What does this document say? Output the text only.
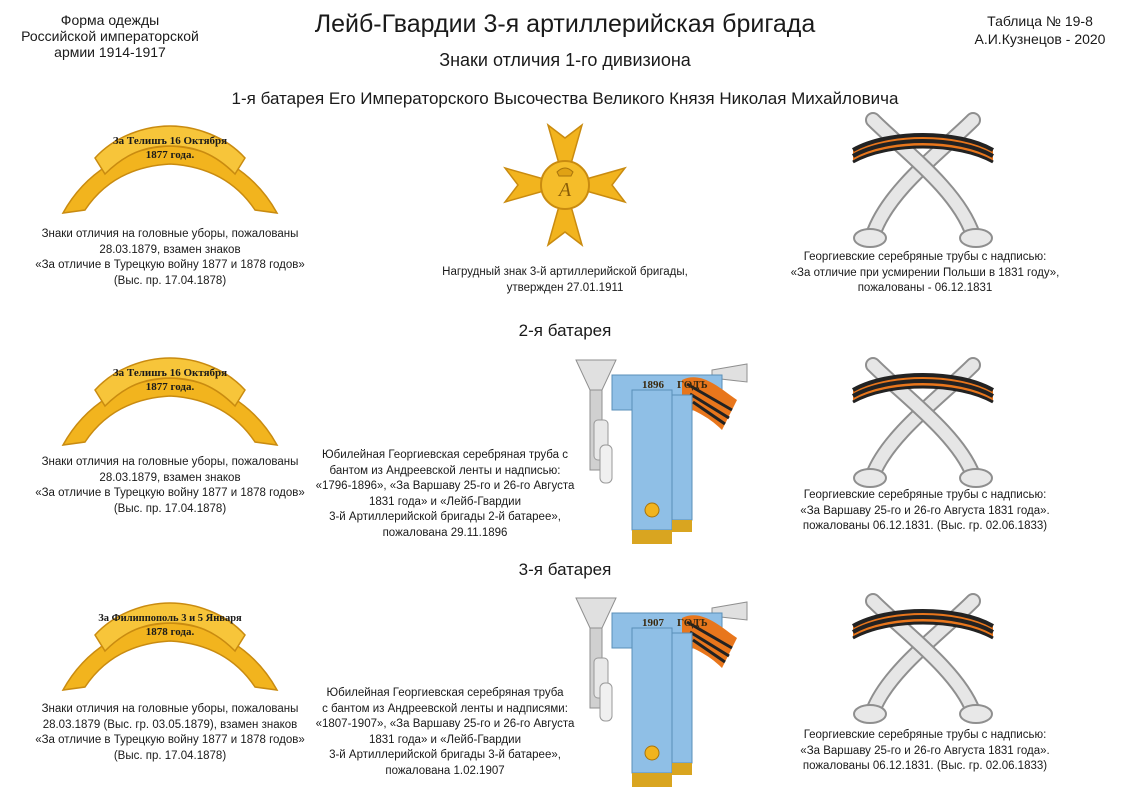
Форма одежды
Российской императорской
армии 1914-1917
Лейб-Гвардии 3-я артиллерийская бригада
Знаки отличия 1-го дивизиона
Таблица № 19-8
А.И.Кузнецов - 2020
1-я батарея Его Императорского Высочества Великого Князя Николая Михайловича
2-я батарея
3-я батарея
За Телишъ 16 Октября
1877 года.
Знаки отличия на головные уборы, пожалованы
28.03.1879, взамен знаков
«За отличие в Турецкую войну 1877 и 1878 годов»
(Выс. пр. 17.04.1878)
A
Нагрудный знак 3-й артиллерийской бригады,
утвержден 27.01.1911
Георгиевские серебряные трубы с надписью:
«За отличие при усмирении Польши в 1831 году»,
пожалованы - 06.12.1831
За Телишъ 16 Октября
1877 года.
Знаки отличия на головные уборы, пожалованы
28.03.1879, взамен знаков
«За отличие в Турецкую войну 1877 и 1878 годов»
(Выс. пр. 17.04.1878)
Юбилейная Георгиевская серебряная труба с
бантом из Андреевской ленты и надписью:
«1796-1896», «За Варшаву 25-го и 26-го Августа
1831 года» и «Лейб-Гвардии
3-й Артиллерийской бригады 2-й батарее»,
пожалована 29.11.1896
1896 ГОДЪ
Георгиевские серебряные трубы с надписью:
«За Варшаву 25-го и 26-го Августа 1831 года».
пожалованы 06.12.1831. (Выс. гр. 02.06.1833)
За Филиппополь 3 и 5 Января
1878 года.
Знаки отличия на головные уборы, пожалованы
28.03.1879 (Выс. гр. 03.05.1879), взамен знаков
«За отличие в Турецкую войну 1877 и 1878 годов»
(Выс. пр. 17.04.1878)
Юбилейная Георгиевская серебряная труба
с бантом из Андреевской ленты и надписями:
«1807-1907», «За Варшаву 25-го и 26-го Августа
1831 года» и «Лейб-Гвардии
3-й Артиллерийской бригады 3-й батарее»,
пожалована 1.02.1907
1907 ГОДЪ
Георгиевские серебряные трубы с надписью:
«За Варшаву 25-го и 26-го Августа 1831 года».
пожалованы 06.12.1831. (Выс. гр. 02.06.1833)
